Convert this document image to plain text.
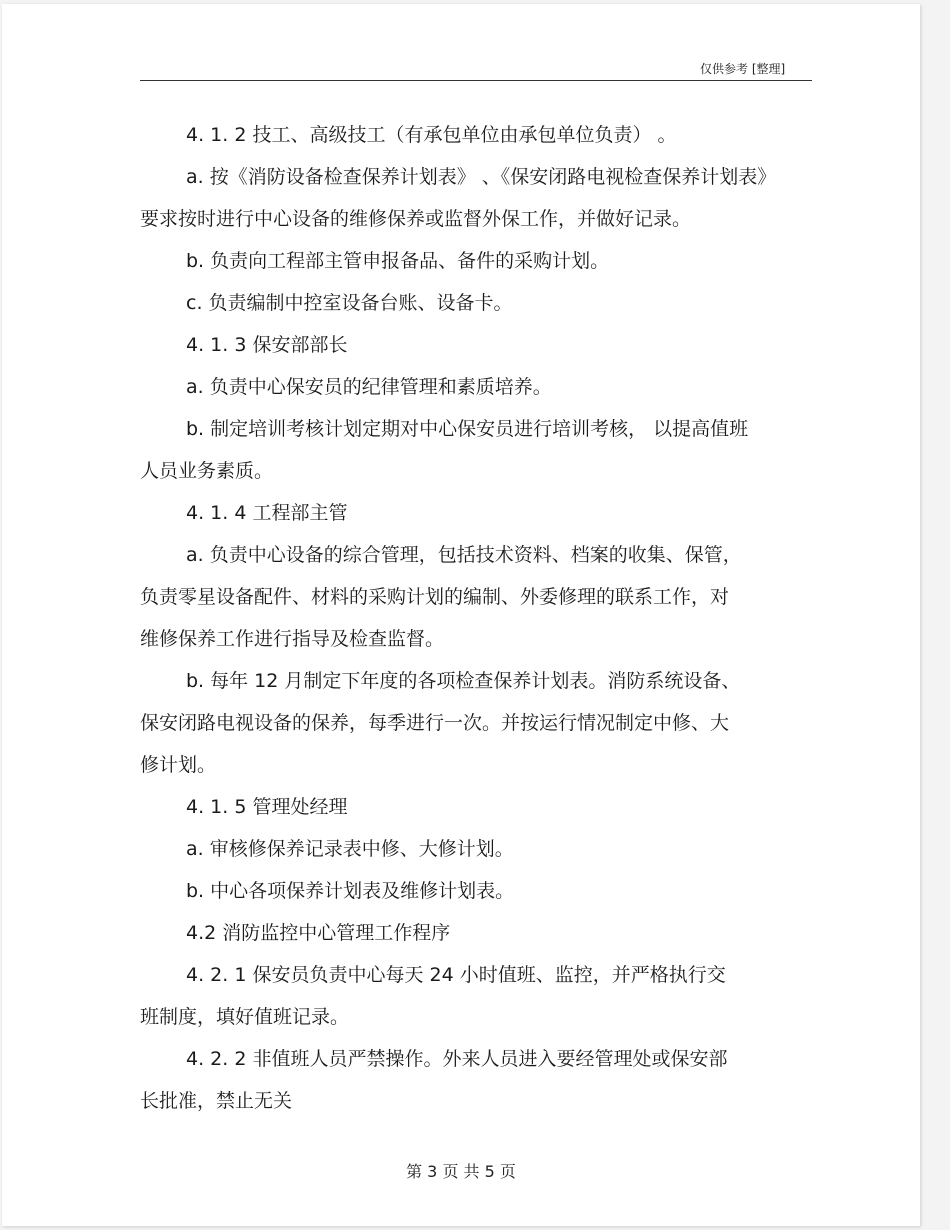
仅供参考 [整理]
4. 1. 2 技工、高级技工（有承包单位由承包单位负责） 。
a. 按《消防设备检查保养计划表》 、《保安闭路电视检查保养计划表》
要求按时进行中心设备的维修保养或监督外保工作，并做好记录。
b. 负责向工程部主管申报备品、备件的采购计划。
c. 负责编制中控室设备台账、设备卡。
4. 1. 3 保安部部长
a. 负责中心保安员的纪律管理和素质培养。
b. 制定培训考核计划定期对中心保安员进行培训考核， 以提高值班
人员业务素质。
4. 1. 4 工程部主管
a. 负责中心设备的综合管理，包括技术资料、档案的收集、保管，
负责零星设备配件、材料的采购计划的编制、外委修理的联系工作，对
维修保养工作进行指导及检查监督。
b. 每年 12 月制定下年度的各项检查保养计划表。消防系统设备、
保安闭路电视设备的保养，每季进行一次。并按运行情况制定中修、大
修计划。
4. 1. 5 管理处经理
a. 审核修保养记录表中修、大修计划。
b. 中心各项保养计划表及维修计划表。
4.2 消防监控中心管理工作程序
4. 2. 1 保安员负责中心每天 24 小时值班、监控，并严格执行交
班制度，填好值班记录。
4. 2. 2 非值班人员严禁操作。外来人员进入要经管理处或保安部
长批准，禁止无关
第 3 页 共 5 页
